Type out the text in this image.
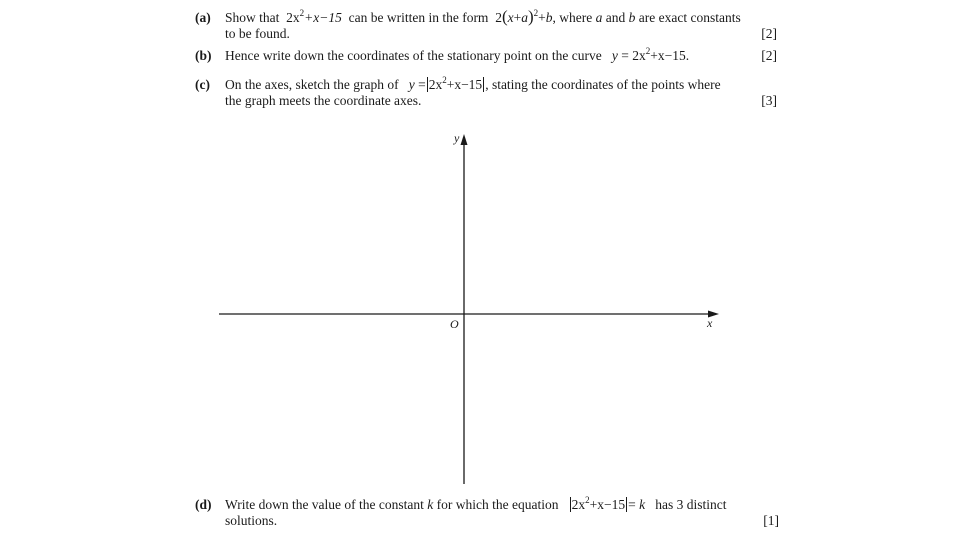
(a) Show that $2x^2+x-15$ can be written in the form $2(x+a)^2+b$, where a and b are exact constants
to be found.	[2]
(b) Hence write down the coordinates of the stationary point on the curve $y = 2x^2+x-15$.	[2]
(c) On the axes, sketch the graph of $y = 2x^2+x-15$ , stating the coordinates of the points where
the graph meets the coordinate axes.	[3]
y
x
O
(d) Write down the value of the constant k for which the equation $2x^2+x-15 = k$ has 3 distinct
solutions.	[1]
